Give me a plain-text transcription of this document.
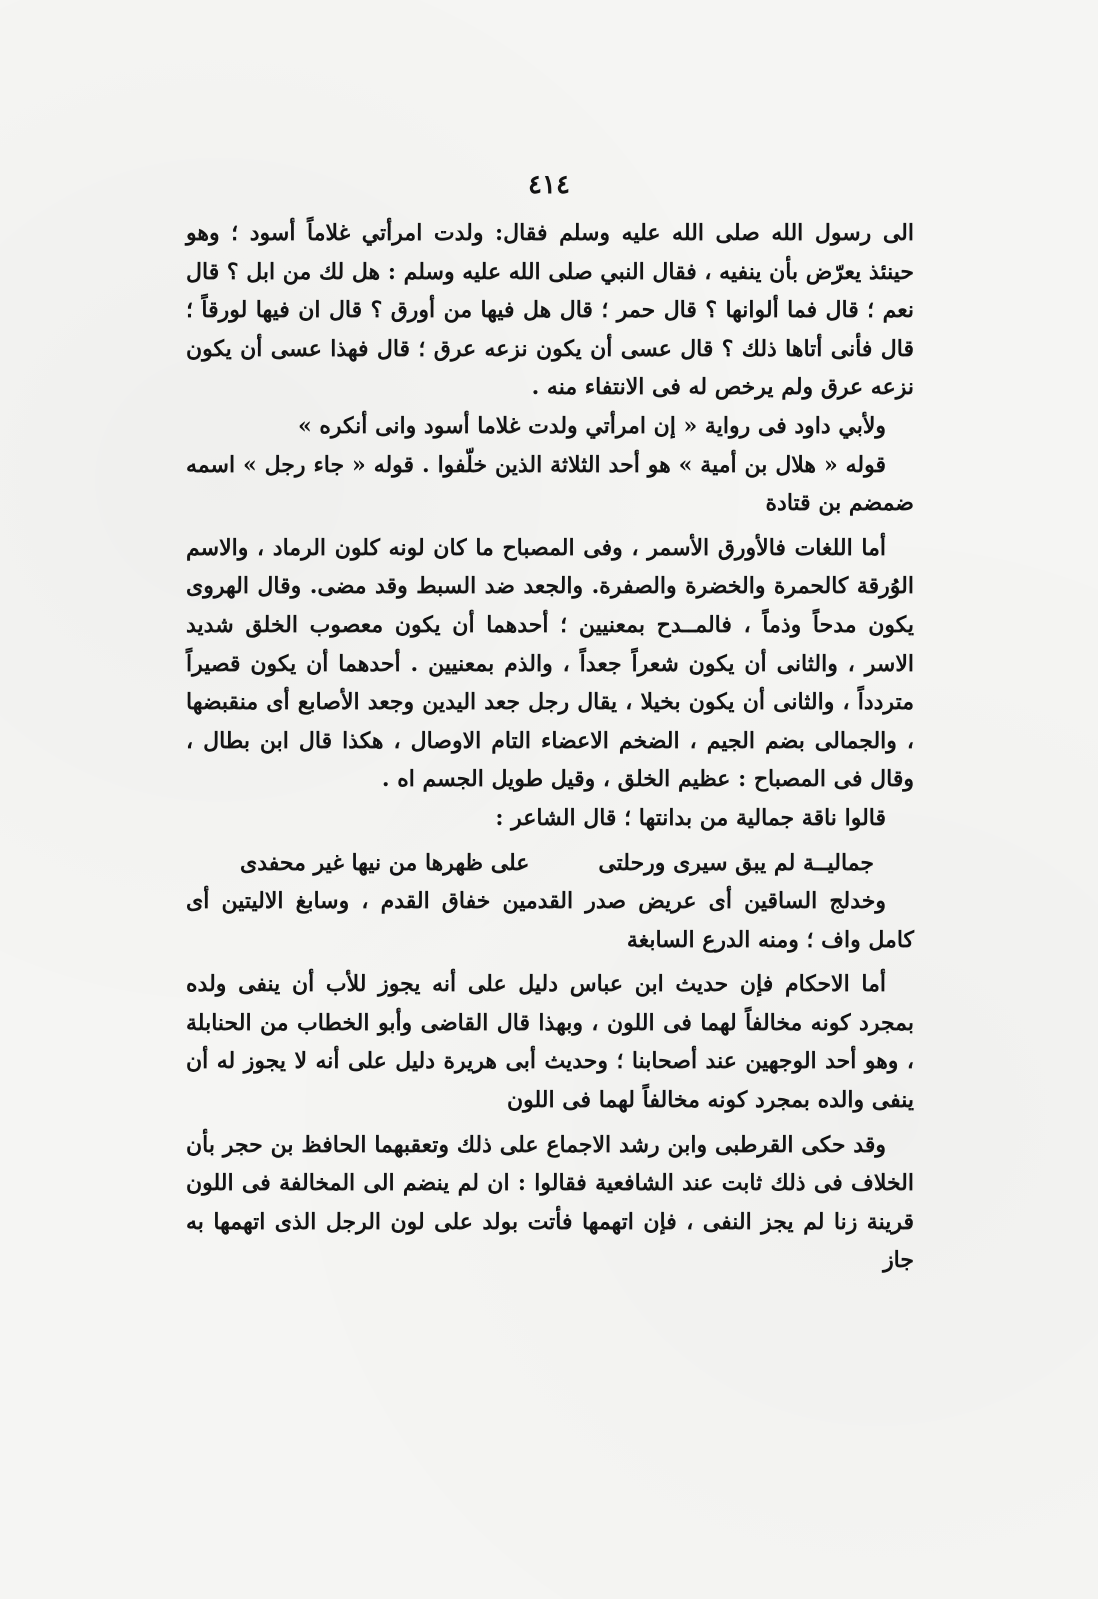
٤١٤

الى رسول الله صلى الله عليه وسلم فقال: ولدت امرأتي غلاماً أسود ؛ وهو حينئذ يعرّض بأن ينفيه ، فقال النبي صلى الله عليه وسلم : هل لك من ابل ؟ قال نعم ؛ قال فما ألوانها ؟ قال حمر ؛ قال هل فيها من أورق ؟ قال ان فيها لورقاً ؛ قال فأنى أتاها ذلك ؟ قال عسى أن يكون نزعه عرق ؛ قال فهذا عسى أن يكون نزعه عرق ولم يرخص له فى الانتفاء منه .

ولأبي داود فى رواية « إن امرأتي ولدت غلاما أسود وانى أنكره »

قوله « هلال بن أمية » هو أحد الثلاثة الذين خلّفوا . قوله « جاء رجل » اسمه ضمضم بن قتادة

أما اللغات فالأورق الأسمر ، وفى المصباح ما كان لونه كلون الرماد ، والاسم الوُرقة كالحمرة والخضرة والصفرة. والجعد ضد السبط وقد مضى. وقال الهروى يكون مدحاً وذماً ، فالمــدح بمعنيين ؛ أحدهما أن يكون معصوب الخلق شديد الاسر ، والثانى أن يكون شعراً جعداً ، والذم بمعنيين . أحدهما أن يكون قصيراً متردداً ، والثانى أن يكون بخيلا ، يقال رجل جعد اليدين وجعد الأصابع أى منقبضها ، والجمالى بضم الجيم ، الضخم الاعضاء التام الاوصال ، هكذا قال ابن بطال ، وقال فى المصباح : عظيم الخلق ، وقيل طويل الجسم اه .

قالوا ناقة جمالية من بدانتها ؛ قال الشاعر :

جماليــة لم يبق سيرى ورحلتى
على ظهرها من نيها غير محفدى

وخدلج الساقين أى عريض صدر القدمين خفاق القدم ، وسابغ الاليتين أى كامل واف ؛ ومنه الدرع السابغة

أما الاحكام فإن حديث ابن عباس دليل على أنه يجوز للأب أن ينفى ولده بمجرد كونه مخالفاً لهما فى اللون ، وبهذا قال القاضى وأبو الخطاب من الحنابلة ، وهو أحد الوجهين عند أصحابنا ؛ وحديث أبى هريرة دليل على أنه لا يجوز له أن ينفى والده بمجرد كونه مخالفاً لهما فى اللون

وقد حكى القرطبى وابن رشد الاجماع على ذلك وتعقبهما الحافظ بن حجر بأن الخلاف فى ذلك ثابت عند الشافعية فقالوا : ان لم ينضم الى المخالفة فى اللون قرينة زنا لم يجز النفى ، فإن اتهمها فأتت بولد على لون الرجل الذى اتهمها به جاز
